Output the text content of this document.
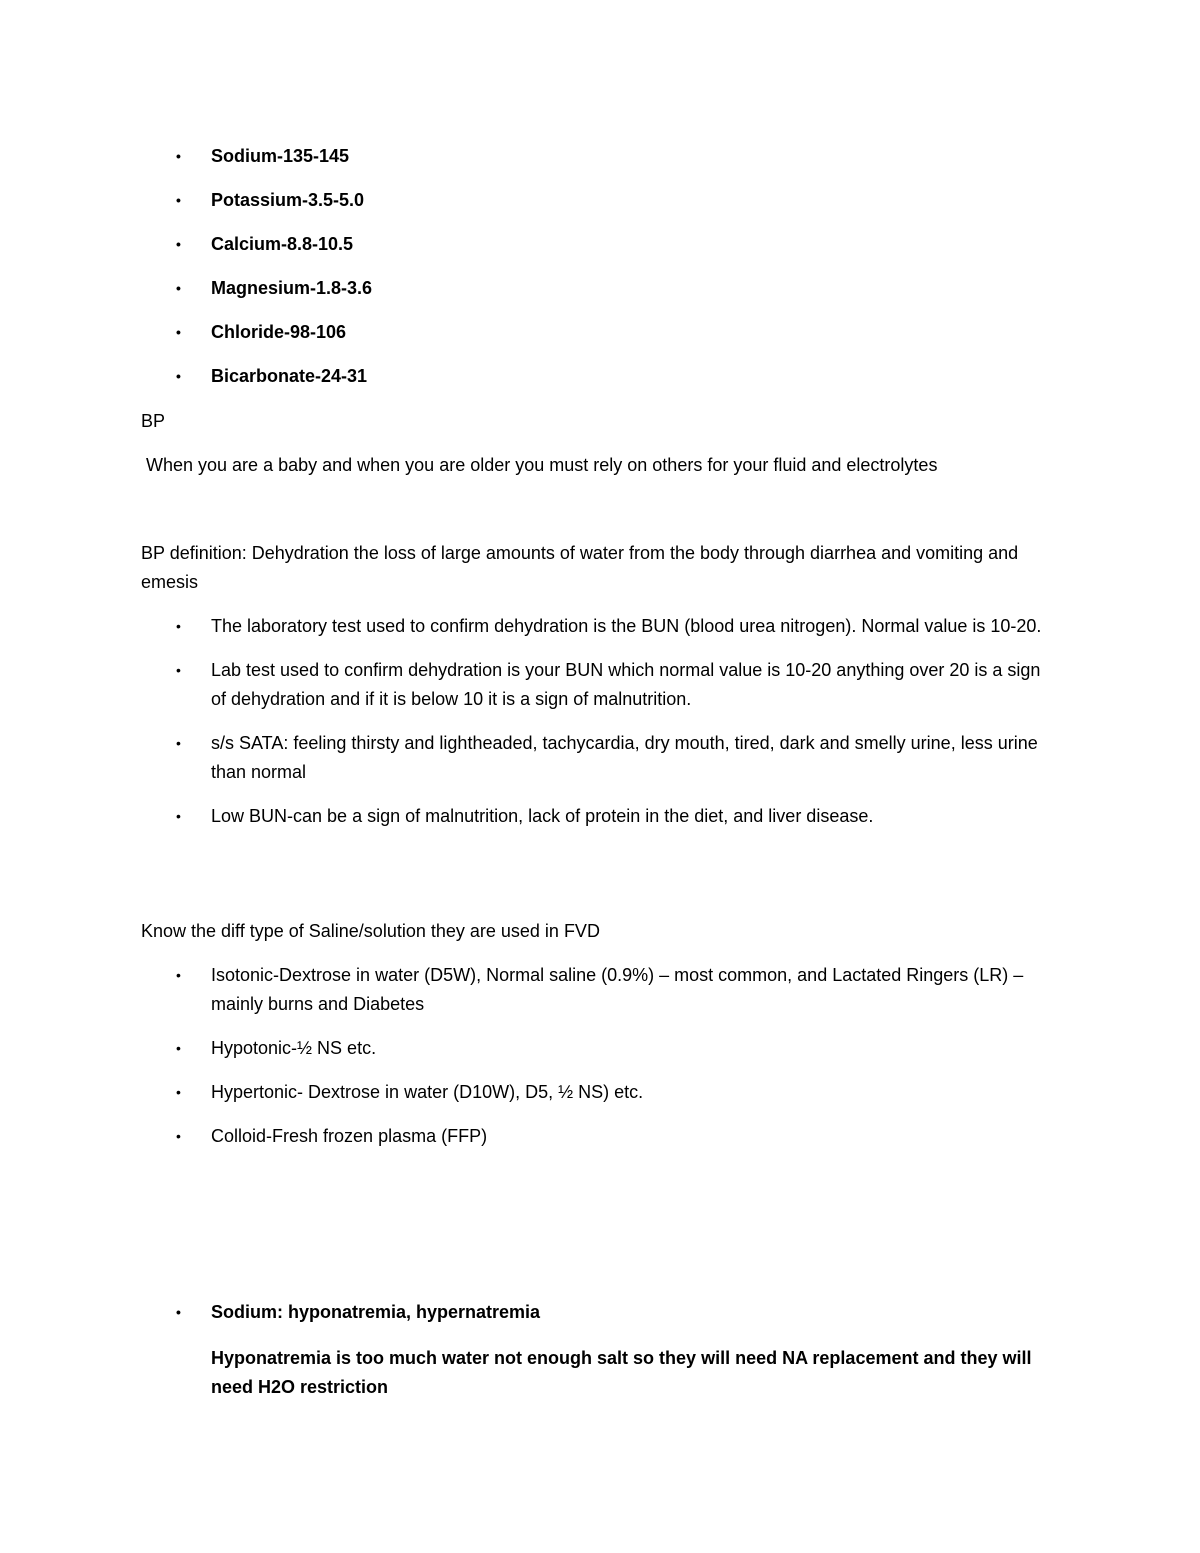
• Sodium-135-145
• Potassium-3.5-5.0
• Calcium-8.8-10.5
• Magnesium-1.8-3.6
• Chloride-98-106
• Bicarbonate-24-31
BP
When you are a baby and when you are older you must rely on others for your fluid and electrolytes
BP definition: Dehydration the loss of large amounts of water from the body through diarrhea and vomiting and emesis
• The laboratory test used to confirm dehydration is the BUN (blood urea nitrogen). Normal value is 10-20.
• Lab test used to confirm dehydration is your BUN which normal value is 10-20 anything over 20 is a sign of dehydration and if it is below 10 it is a sign of malnutrition.
• s/s SATA: feeling thirsty and lightheaded, tachycardia, dry mouth, tired, dark and smelly urine, less urine than normal
• Low BUN-can be a sign of malnutrition, lack of protein in the diet, and liver disease.
Know the diff type of Saline/solution they are used in FVD
• Isotonic-Dextrose in water (D5W), Normal saline (0.9%) – most common, and Lactated Ringers (LR) – mainly burns and Diabetes
• Hypotonic-½ NS etc.
• Hypertonic- Dextrose in water (D10W), D5, ½ NS) etc.
• Colloid-Fresh frozen plasma (FFP)
• Sodium: hyponatremia, hypernatremia
Hyponatremia is too much water not enough salt so they will need NA replacement and they will need H2O restriction
